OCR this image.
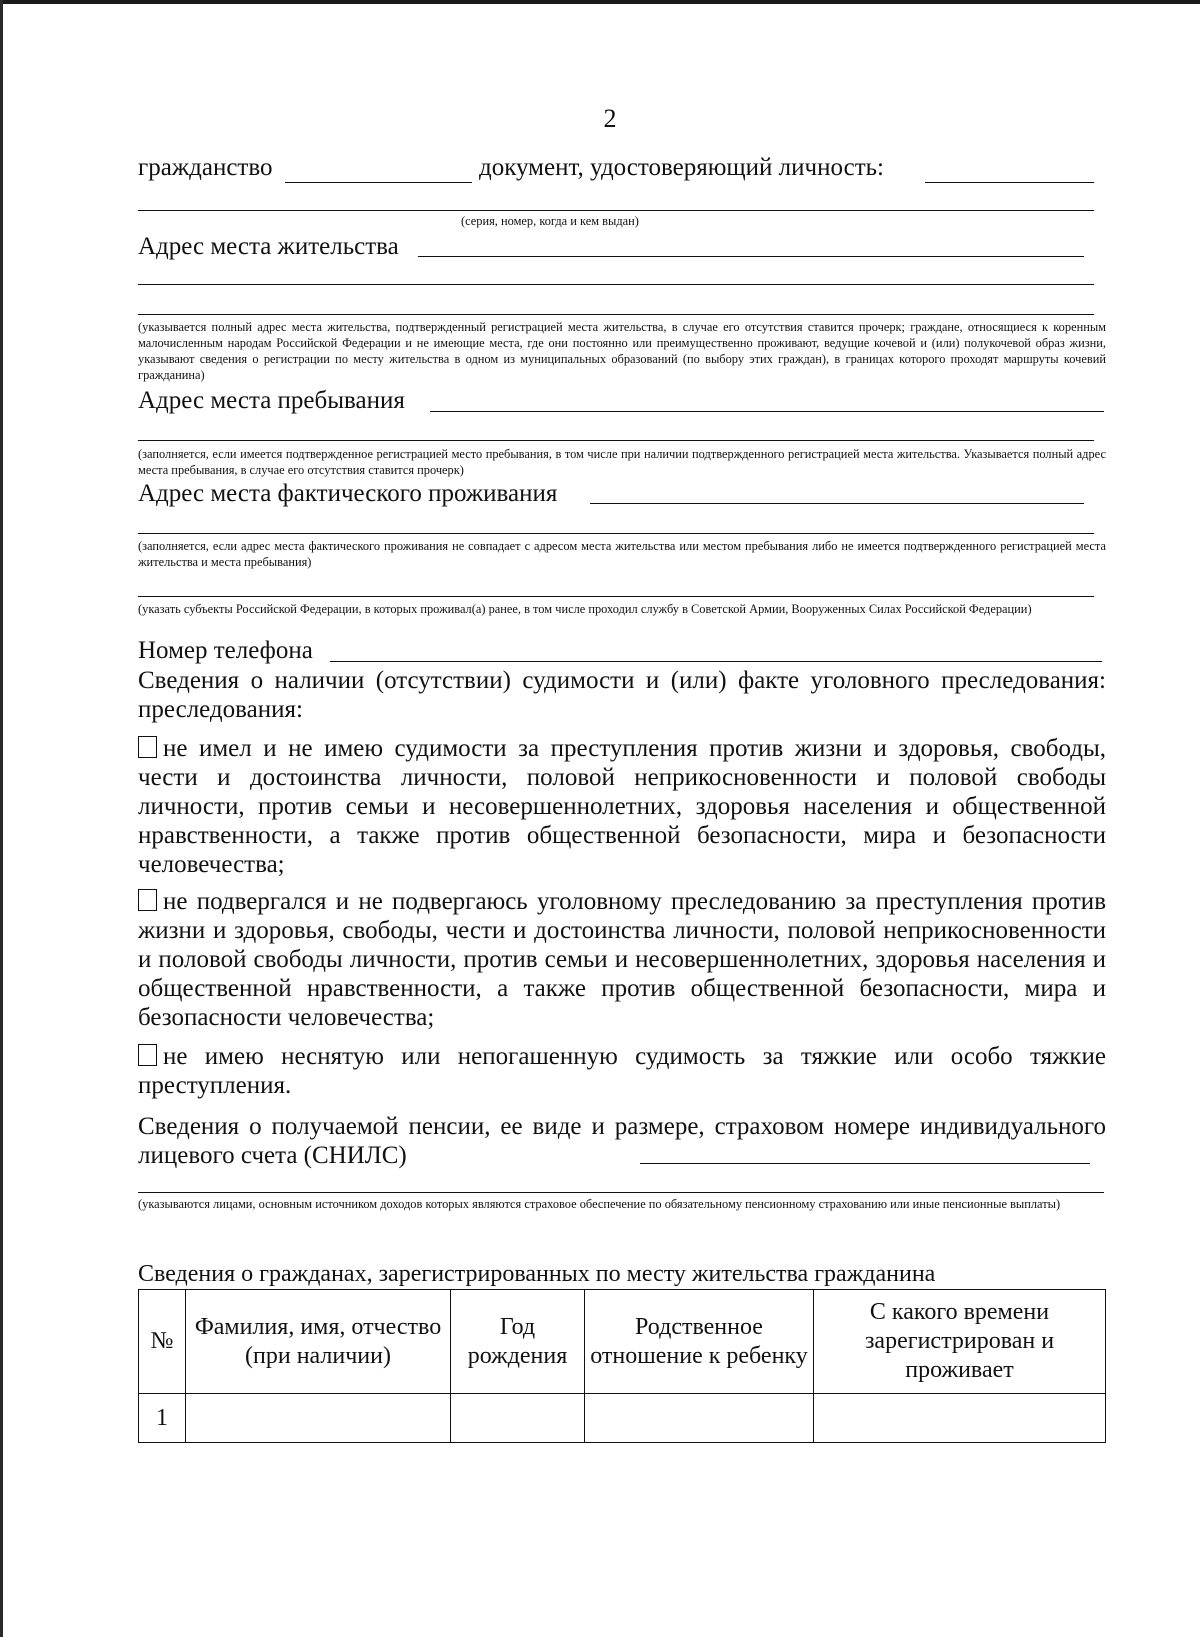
2
гражданство	документ, удостоверяющий личность:
(серия, номер, когда и кем выдан)
Адрес места жительства
(указывается полный адрес места жительства, подтвержденный регистрацией места жительства, в случае его отсутствия ставится прочерк; граждане, относящиеся к коренным малочисленным народам Российской Федерации и не имеющие места, где они постоянно или преимущественно проживают, ведущие кочевой и (или) полукочевой образ жизни, указывают сведения о регистрации по месту жительства в одном из муниципальных образований (по выбору этих граждан), в границах которого проходят маршруты кочевий гражданина)
Адрес места пребывания
(заполняется, если имеется подтвержденное регистрацией место пребывания, в том числе при наличии подтвержденного регистрацией места жительства. Указывается полный адрес места пребывания, в случае его отсутствия ставится прочерк)
Адрес места фактического проживания
(заполняется, если адрес места фактического проживания не совпадает с адресом места жительства или местом пребывания либо не имеется подтвержденного регистрацией места жительства и места пребывания)
(указать субъекты Российской Федерации, в которых проживал(а) ранее, в том числе проходил службу в Советской Армии, Вооруженных Силах Российской Федерации)
Номер телефона
Сведения о наличии (отсутствии) судимости и (или) факте уголовного преследования:
преследования:
не имел и не имею судимости за преступления против жизни и здоровья, свободы, чести и достоинства личности, половой неприкосновенности и половой свободы личности, против семьи и несовершеннолетних, здоровья населения и общественной нравственности, а также против общественной безопасности, мира и безопасности человечества;
не подвергался и не подвергаюсь уголовному преследованию за преступления против жизни и здоровья, свободы, чести и достоинства личности, половой неприкосновенности и половой свободы личности, против семьи и несовершеннолетних, здоровья населения и общественной нравственности, а также против общественной безопасности, мира и безопасности человечества;
не имею неснятую или непогашенную судимость за тяжкие или особо тяжкие преступления.
Сведения о получаемой пенсии, ее виде и размере, страховом номере индивидуального лицевого счета (СНИЛС)
(указываются лицами, основным источником доходов которых являются страховое обеспечение по обязательному пенсионному страхованию или иные пенсионные выплаты)
Сведения о гражданах, зарегистрированных по месту жительства гражданина
№	Фамилия, имя, отчество (при наличии)	Год рождения	Родственное отношение к ребенку	С какого времени зарегистрирован и проживает
1				
